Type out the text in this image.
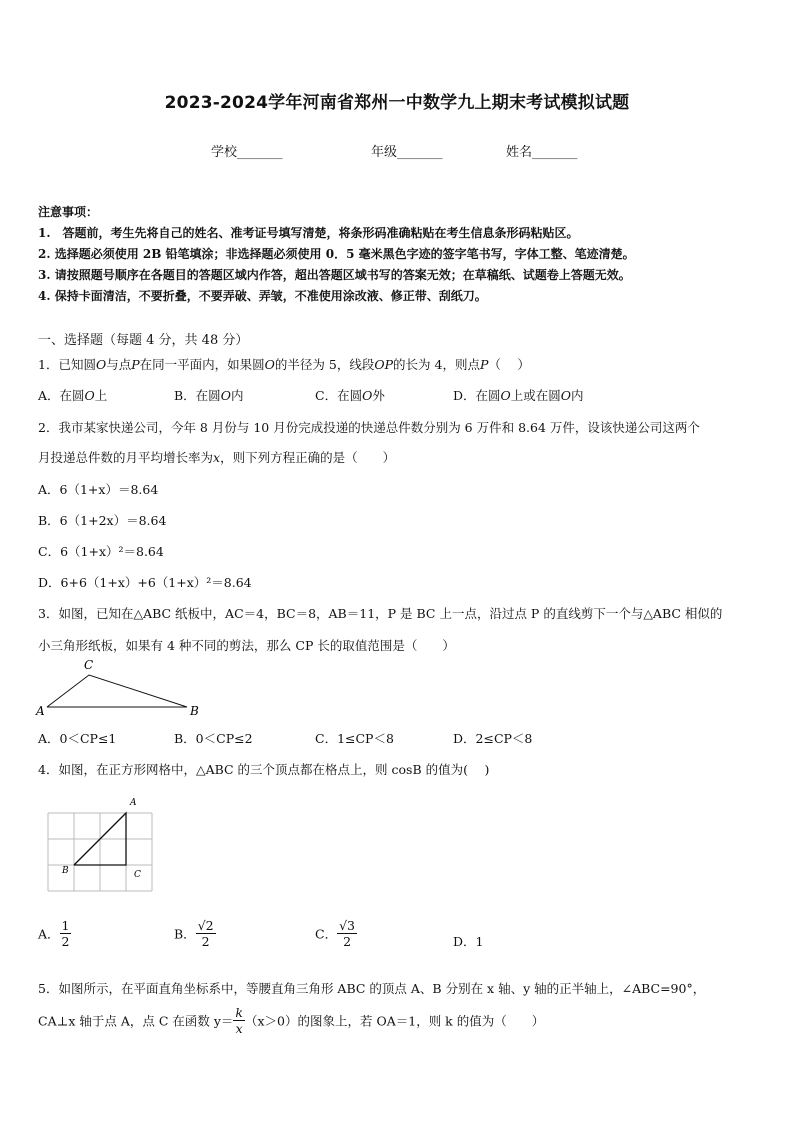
2023-2024学年河南省郑州一中数学九上期末考试模拟试题
学校_______	年级_______	姓名_______
注意事项：
1.　答题前，考生先将自己的姓名、准考证号填写清楚，将条形码准确粘贴在考生信息条形码粘贴区。
2. 选择题必须使用 2B 铅笔填涂；非选择题必须使用 0．5 毫米黑色字迹的签字笔书写，字体工整、笔迹清楚。
3. 请按照题号顺序在各题目的答题区域内作答，超出答题区域书写的答案无效；在草稿纸、试题卷上答题无效。
4. 保持卡面清洁，不要折叠，不要弄破、弄皱，不准使用涂改液、修正带、刮纸刀。
一、选择题（每题 4 分，共 48 分）
1．已知圆O与点P在同一平面内，如果圆O的半径为 5，线段OP的长为 4，则点P（　 ）
A．在圆O上	B．在圆O内	C．在圆O外	D．在圆O上或在圆O内
2．我市某家快递公司，今年 8 月份与 10 月份完成投递的快递总件数分别为 6 万件和 8.64 万件，设该快递公司这两个
月投递总件数的月平均增长率为x，则下列方程正确的是（　　）
A．6（1+x）＝8.64
B．6（1+2x）＝8.64
C．6（1+x）²＝8.64
D．6+6（1+x）+6（1+x）²＝8.64
3．如图，已知在△ABC 纸板中，AC＝4，BC＝8，AB＝11，P 是 BC 上一点，沿过点 P 的直线剪下一个与△ABC 相似的
小三角形纸板，如果有 4 种不同的剪法，那么 CP 长的取值范围是（　　）
A
C
B
A．0＜CP≤1	B．0＜CP≤2	C．1≤CP＜8	D．2≤CP＜8
4．如图，在正方形网格中，△ABC 的三个顶点都在格点上，则 cosB 的值为(　 )
A
B	C
A． $\frac{1}{2}$	B． $\frac{√2}{2}$	C． $\frac{√3}{2}$	D．1
5．如图所示，在平面直角坐标系中，等腰直角三角形 ABC 的顶点 A、B 分别在 x 轴、y 轴的正半轴上，∠ABC=90°，
CA⊥x 轴于点 A，点 C 在函数 $y= \frac{k}{x} (x>0)$的图象上，若 OA＝1，则 k 的值为（　　）
